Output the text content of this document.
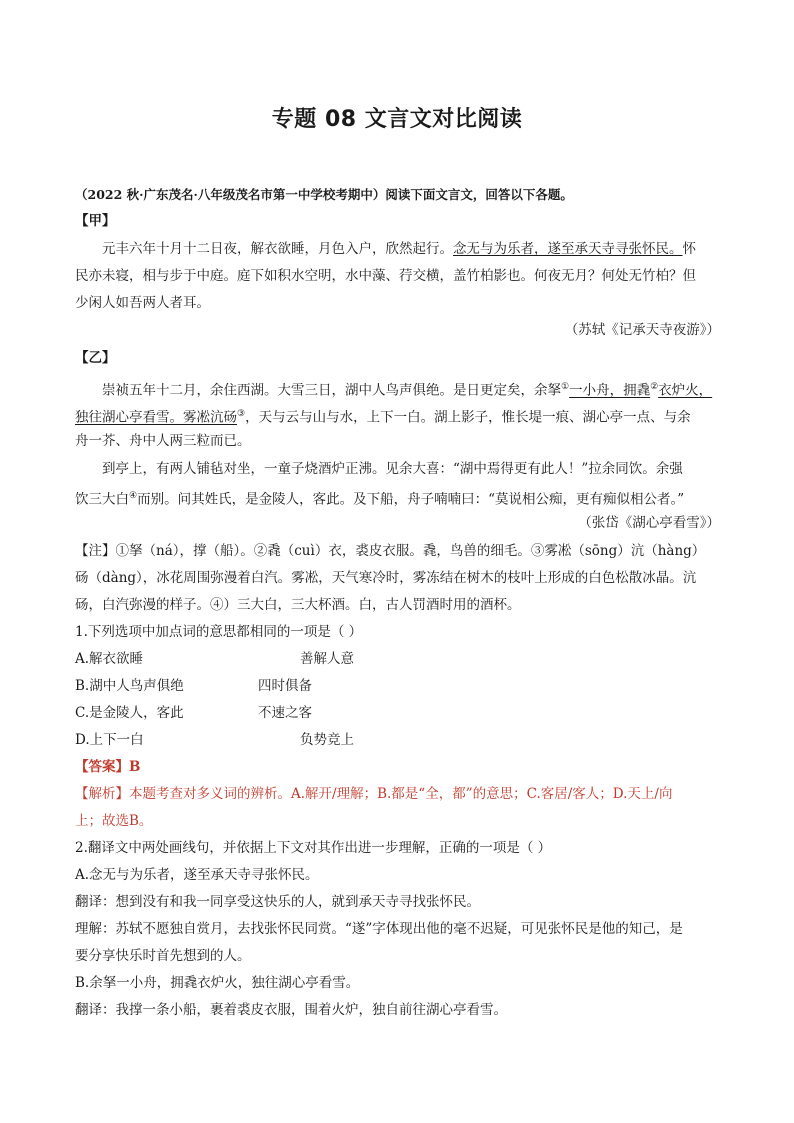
专题 08 文言文对比阅读
（2022 秋·广东茂名·八年级茂名市第一中学校考期中）阅读下面文言文，回答以下各题。
【甲】
元丰六年十月十二日夜，解衣欲睡，月色入户，欣然起行。念无与为乐者，遂至承天寺寻张怀民。怀
民亦未寝，相与步于中庭。庭下如积水空明，水中藻、荇交横，盖竹柏影也。何夜无月？何处无竹柏？但
少闲人如吾两人者耳。
（苏轼《记承天寺夜游》）
【乙】
崇祯五年十二月，余住西湖。大雪三日，湖中人鸟声俱绝。是日更定矣，余拏①一小舟，拥毳②衣炉火，
独往湖心亭看雪。雾凇沆砀③，天与云与山与水，上下一白。湖上影子，惟长堤一痕、湖心亭一点、与余
舟一芥、舟中人两三粒而已。
到亭上，有两人铺毡对坐，一童子烧酒炉正沸。见余大喜：“湖中焉得更有此人！”拉余同饮。余强
饮三大白④而别。问其姓氏，是金陵人，客此。及下船，舟子喃喃曰：“莫说相公痴，更有痴似相公者。”
（张岱《湖心亭看雪》）
【注】①拏（ná），撑（船）。②毳（cuì）衣，裘皮衣服。毳，鸟兽的细毛。③雾凇（sōng）沆（hàng）
砀（dàng），冰花周围弥漫着白汽。雾凇，天气寒冷时，雾冻结在树木的枝叶上形成的白色松散冰晶。沆
砀，白汽弥漫的样子。④）三大白，三大杯酒。白，古人罚酒时用的酒杯。
1.下列选项中加点词的意思都相同的一项是（ ）
A.解衣欲睡	善解人意
B.湖中人鸟声俱绝	四时俱备
C.是金陵人，客此	不速之客
D.上下一白	负势竞上
【答案】B
【解析】本题考查对多义词的辨析。A.解开/理解；B.都是“全，都”的意思；C.客居/客人；D.天上/向
上；故选B。
2.翻译文中两处画线句，并依据上下文对其作出进一步理解，正确的一项是（ ）
A.念无与为乐者，遂至承天寺寻张怀民。
翻译：想到没有和我一同享受这快乐的人，就到承天寺寻找张怀民。
理解：苏轼不愿独自赏月，去找张怀民同赏。“遂”字体现出他的毫不迟疑，可见张怀民是他的知己，是
要分享快乐时首先想到的人。
B.余拏一小舟，拥毳衣炉火，独往湖心亭看雪。
翻译：我撑一条小船，裹着裘皮衣服，围着火炉，独自前往湖心亭看雪。
